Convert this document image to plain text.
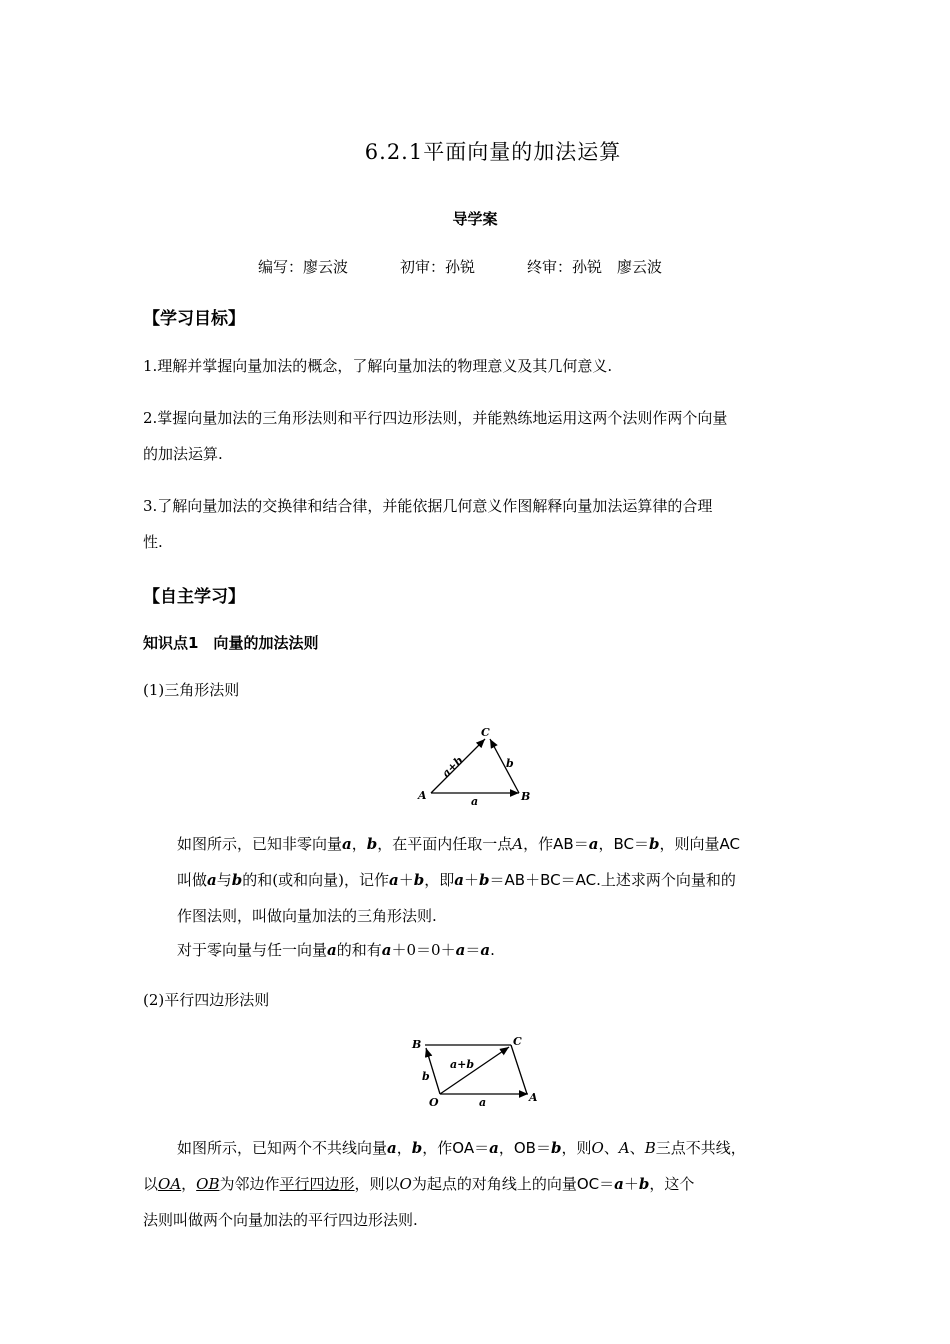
6.2.1平面向量的加法运算
导学案
编写：廖云波	初审：孙锐	终审：孙锐　廖云波
【学习目标】
1.理解并掌握向量加法的概念，了解向量加法的物理意义及其几何意义.
2.掌握向量加法的三角形法则和平行四边形法则，并能熟练地运用这两个法则作两个向量
的加法运算.
3.了解向量加法的交换律和结合律，并能依据几何意义作图解释向量加法运算律的合理
性.
【自主学习】
知识点1　向量的加法法则
(1)三角形法则
A	B
C
a
b
a+b
如图所示，已知非零向量a，b，在平面内任取一点A，作AB＝a，BC＝b，则向量AC
叫做a与b的和(或和向量)，记作a＋b，即a＋b＝AB＋BC＝AC.上述求两个向量和的
作图法则，叫做向量加法的三角形法则.
对于零向量与任一向量a的和有a＋0＝0＋a＝a.
(2)平行四边形法则
O	A
B	C
a
b
a+b
如图所示，已知两个不共线向量a，b，作OA＝a，OB＝b，则O、A、B三点不共线，
以OA，OB为邻边作平行四边形，则以O为起点的对角线上的向量OC＝a＋b，这个
法则叫做两个向量加法的平行四边形法则.
